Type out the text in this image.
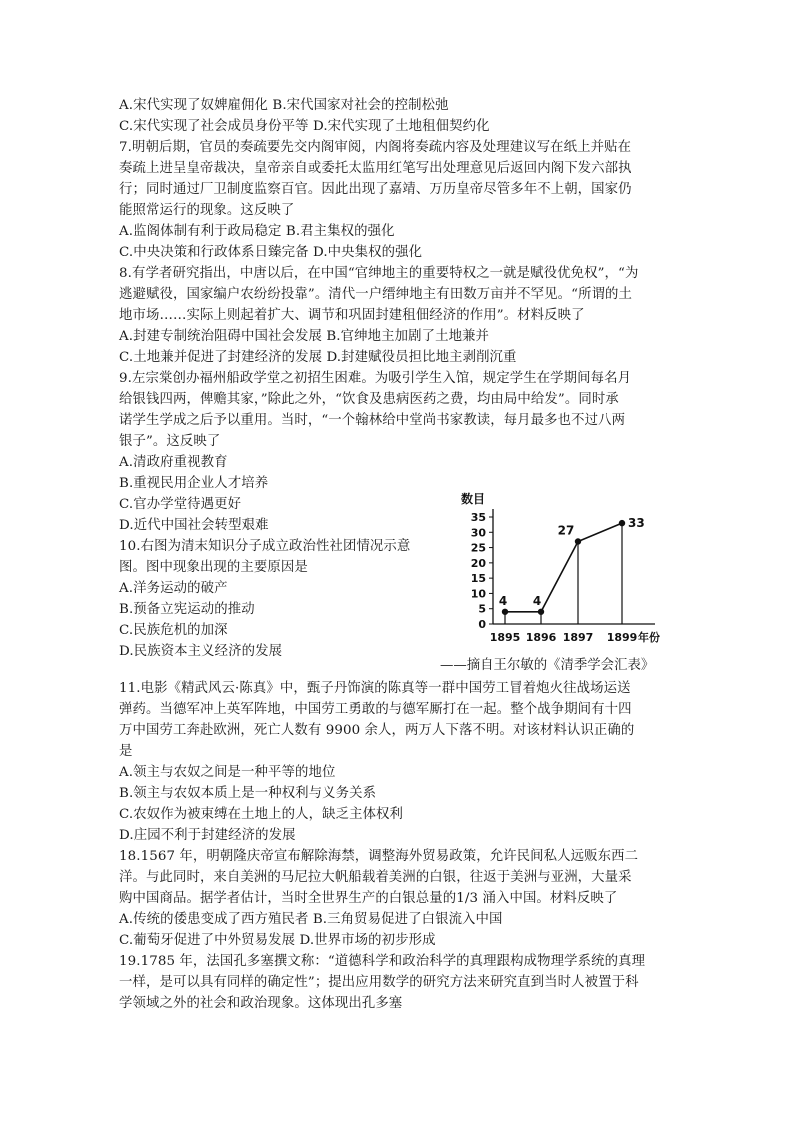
A.宋代实现了奴婢雇佣化 B.宋代国家对社会的控制松弛
C.宋代实现了社会成员身份平等 D.宋代实现了土地租佃契约化
7.明朝后期，官员的奏疏要先交内阁审阅，内阁将奏疏内容及处理建议写在纸上并贴在
奏疏上进呈皇帝裁决，皇帝亲自或委托太监用红笔写出处理意见后返回内阁下发六部执
行；同时通过厂卫制度监察百官。因此出现了嘉靖、万历皇帝尽管多年不上朝，国家仍
能照常运行的现象。这反映了
A.监阁体制有利于政局稳定 B.君主集权的强化
C.中央决策和行政体系日臻完备 D.中央集权的强化
8.有学者研究指出，中唐以后，在中国“官绅地主的重要特权之一就是赋役优免权”，“为
逃避赋役，国家编户农纷纷投靠”。清代一户缙绅地主有田数万亩并不罕见。“所谓的土
地市场……实际上则起着扩大、调节和巩固封建租佃经济的作用”。材料反映了
A.封建专制统治阻碍中国社会发展 B.官绅地主加剧了土地兼并
C.土地兼并促进了封建经济的发展 D.封建赋役员担比地主剥削沉重
9.左宗棠创办福州船政学堂之初招生困难。为吸引学生入馆，规定学生在学期间每名月
给银钱四两，俾赡其家，”除此之外，“饮食及患病医药之费，均由局中给发”。同时承
诺学生学成之后予以重用。当时，“一个翰林给中堂尚书家教读，每月最多也不过八两
银子”。这反映了
A.清政府重视教育
B.重视民用企业人才培养
C.官办学堂待遇更好
D.近代中国社会转型艰难
10.右图为清末知识分子成立政治性社团情况示意
图。图中现象出现的主要原因是
A.洋务运动的破产
B.预备立宪运动的推动
C.民族危机的加深
D.民族资本主义经济的发展
11.电影《精武风云·陈真》中，甄子丹饰演的陈真等一群中国劳工冒着炮火往战场运送
弹药。当德军冲上英军阵地，中国劳工勇敢的与德军厮打在一起。整个战争期间有十四
万中国劳工奔赴欧洲，死亡人数有 9900 余人，两万人下落不明。对该材料认识正确的
是
A.领主与农奴之间是一种平等的地位
B.领主与农奴本质上是一种权利与义务关系
C.农奴作为被束缚在土地上的人，缺乏主体权利
D.庄园不利于封建经济的发展
18.1567 年，明朝隆庆帝宣布解除海禁，调整海外贸易政策，允许民间私人远贩东西二
洋。与此同时，来自美洲的马尼拉大帆船载着美洲的白银，往返于美洲与亚洲，大量采
购中国商品。据学者估计，当时全世界生产的白银总量的1/3 涌入中国。材料反映了
A.传统的倭患变成了西方殖民者 B.三角贸易促进了白银流入中国
C.葡萄牙促进了中外贸易发展 D.世界市场的初步形成
19.1785 年，法国孔多塞撰文称：“道德科学和政治科学的真理跟构成物理学系统的真理
一样，是可以具有同样的确定性”；提出应用数学的研究方法来研究直到当时人被置于科
学领域之外的社会和政治现象。这体现出孔多塞
数目
0
5
10
15
20
25
30
35
1895 1896 1897 1899 年份
4 4
27
33
——摘自王尔敏的《清季学会汇表》
